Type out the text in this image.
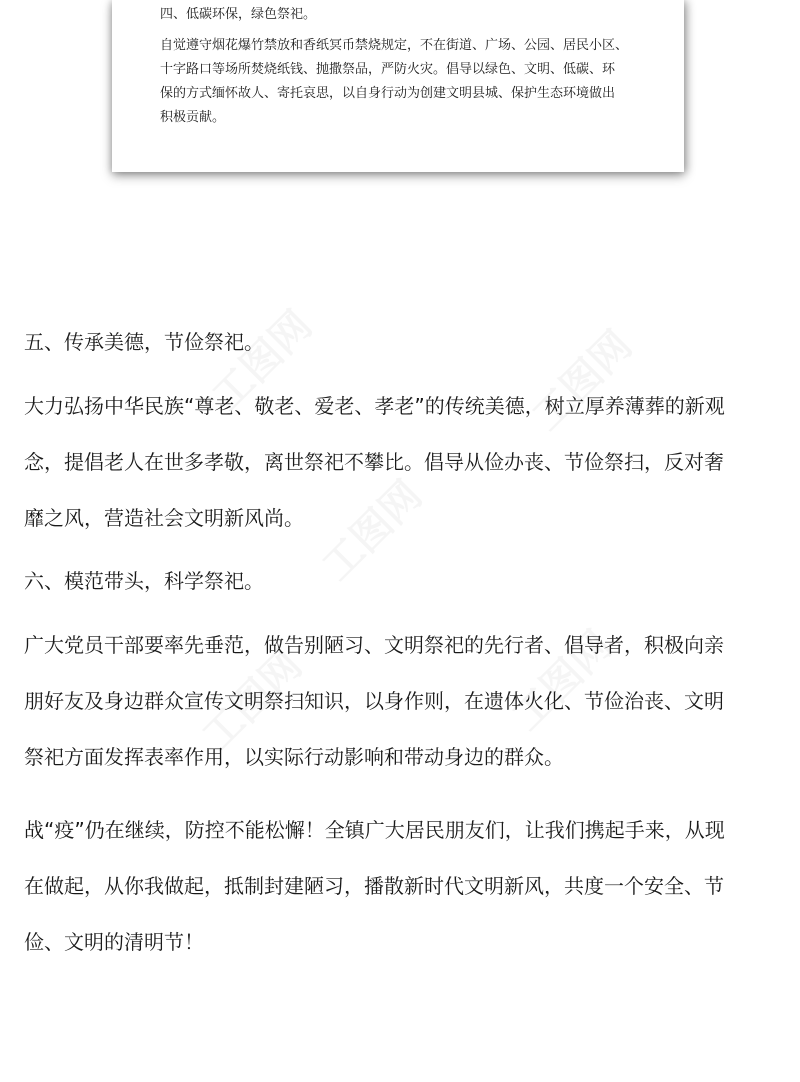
四、低碳环保，绿色祭祀。

自觉遵守烟花爆竹禁放和香纸冥币禁烧规定，不在街道、广场、公园、居民小区、

十字路口等场所焚烧纸钱、抛撒祭品，严防火灾。倡导以绿色、文明、低碳、环

保的方式缅怀故人、寄托哀思，以自身行动为创建文明县城、保护生态环境做出

积极贡献。

五、传承美德，节俭祭祀。

大力弘扬中华民族“尊老、敬老、爱老、孝老”的传统美德，树立厚养薄葬的新观

念，提倡老人在世多孝敬，离世祭祀不攀比。倡导从俭办丧、节俭祭扫，反对奢

靡之风，营造社会文明新风尚。

六、模范带头，科学祭祀。

广大党员干部要率先垂范，做告别陋习、文明祭祀的先行者、倡导者，积极向亲

朋好友及身边群众宣传文明祭扫知识，以身作则，在遗体火化、节俭治丧、文明

祭祀方面发挥表率作用，以实际行动影响和带动身边的群众。

战“疫”仍在继续，防控不能松懈！全镇广大居民朋友们，让我们携起手来，从现

在做起，从你我做起，抵制封建陋习，播散新时代文明新风，共度一个安全、节

俭、文明的清明节！
